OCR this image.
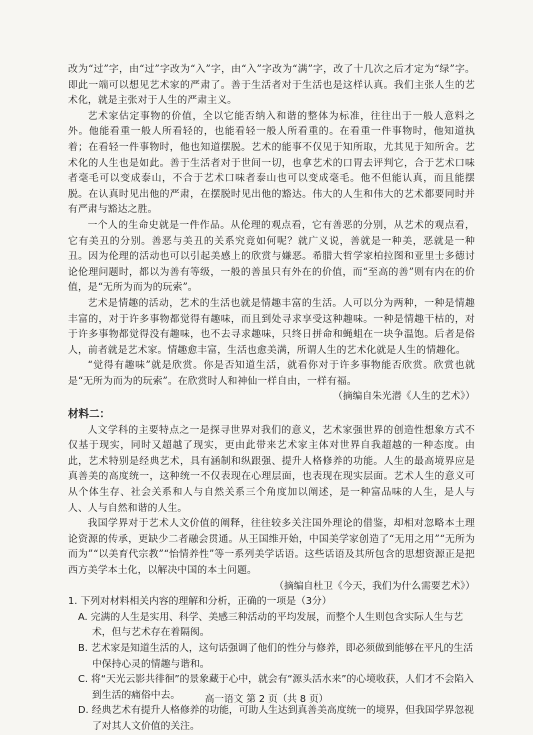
改为“过”字，由“过”字改为“入”字，由“入”字改为“满”字，改了十几次之后才定为“绿”字。即此一端可以想见艺术家的严肃了。善于生活者对于生活也是这样认真。我们主张人生的艺术化，就是主张对于人生的严肃主义。

艺术家估定事物的价值，全以它能否纳入和谐的整体为标准，往往出于一般人意料之外。他能看重一般人所看轻的，也能看轻一般人所看重的。在看重一件事物时，他知道执着；在看轻一件事物时，他也知道摆脱。艺术的能事不仅见于知所取，尤其见于知所舍。艺术化的人生也是如此。善于生活者对于世间一切，也拿艺术的口胃去评判它，合于艺术口味者毫毛可以变成泰山，不合于艺术口味者泰山也可以变成毫毛。他不但能认真，而且能摆脱。在认真时见出他的严肃，在摆脱时见出他的豁达。伟大的人生和伟大的艺术都要同时并有严肃与豁达之胜。

一个人的生命史就是一件作品。从伦理的观点看，它有善恶的分别，从艺术的观点看，它有美丑的分别。善恶与美丑的关系究竟如何呢？就广义说，善就是一种美，恶就是一种丑。因为伦理的活动也可以引起美感上的欣赏与嫌恶。希腊大哲学家柏拉图和亚里士多德讨论伦理问题时，都以为善有等级，一般的善虽只有外在的价值，而“至高的善”则有内在的价值，是“无所为而为的玩索”。

艺术是情趣的活动，艺术的生活也就是情趣丰富的生活。人可以分为两种，一种是情趣丰富的，对于许多事物都觉得有趣味，而且到处寻求享受这种趣味。一种是情趣干枯的，对于许多事物都觉得没有趣味，也不去寻求趣味，只终日拼命和蝇蛆在一块争温饱。后者是俗人，前者就是艺术家。情趣愈丰富，生活也愈美满，所谓人生的艺术化就是人生的情趣化。

“觉得有趣味”就是欣赏。你是否知道生活，就看你对于许多事物能否欣赏。欣赏也就是“无所为而为的玩索”。在欣赏时人和神仙一样自由，一样有福。

（摘编自朱光潜《人生的艺术》）

材料二：

人文学科的主要特点之一是探寻世界对我们的意义，艺术家强世界的创造性想象方式不仅基于现实，同时又超越了现实，更由此带来艺术家主体对世界自我超越的一种态度。由此，艺术特别是经典艺术，具有涵制和纵跟强、提升人格修养的功能。人生的最高境界应是真善美的高度统一，这种统一不仅表现在心理层面，也表现在现实层面。艺术人生的意义可从个体生存、社会关系和人与自然关系三个角度加以阐述，是一种富品味的人生，是人与人、人与自然和谐的人生。

我国学界对于艺术人文价值的阐释，往往较多关注国外理论的借鉴，却相对忽略本土理论资源的传承，更缺少二者融会贯通。从王国维开始，中国美学家创造了“无用之用”“无所为而为”“以美育代宗教”“怡情养性”等一系列美学话语。这些话语及其所包含的思想资源正是把西方美学本土化，以解决中国的本土问题。

（摘编自杜卫《今天，我们为什么需要艺术》）

1. 下列对材料相关内容的理解和分析，正确的一项是（3分）

A. 完满的人生是实用、科学、美感三种活动的平均发展，而整个人生则包含实际人生与艺术，但与艺术存在着隔阂。

B. 艺术家是知道生活的人，这句话强调了他们的性分与修养，即必须做到能够在平凡的生活中保持心灵的情趣与谐和。

C. 将“天光云影共徘徊”的景象藏于心中，就会有“源头活水来”的心境收获，人们才不会陷入到生活的痛俗中去。

D. 经典艺术有提升人格修养的功能，可助人生达到真善美高度统一的境界，但我国学界忽视了对其人文价值的关注。

高一语文 第 2 页（共 8 页）
